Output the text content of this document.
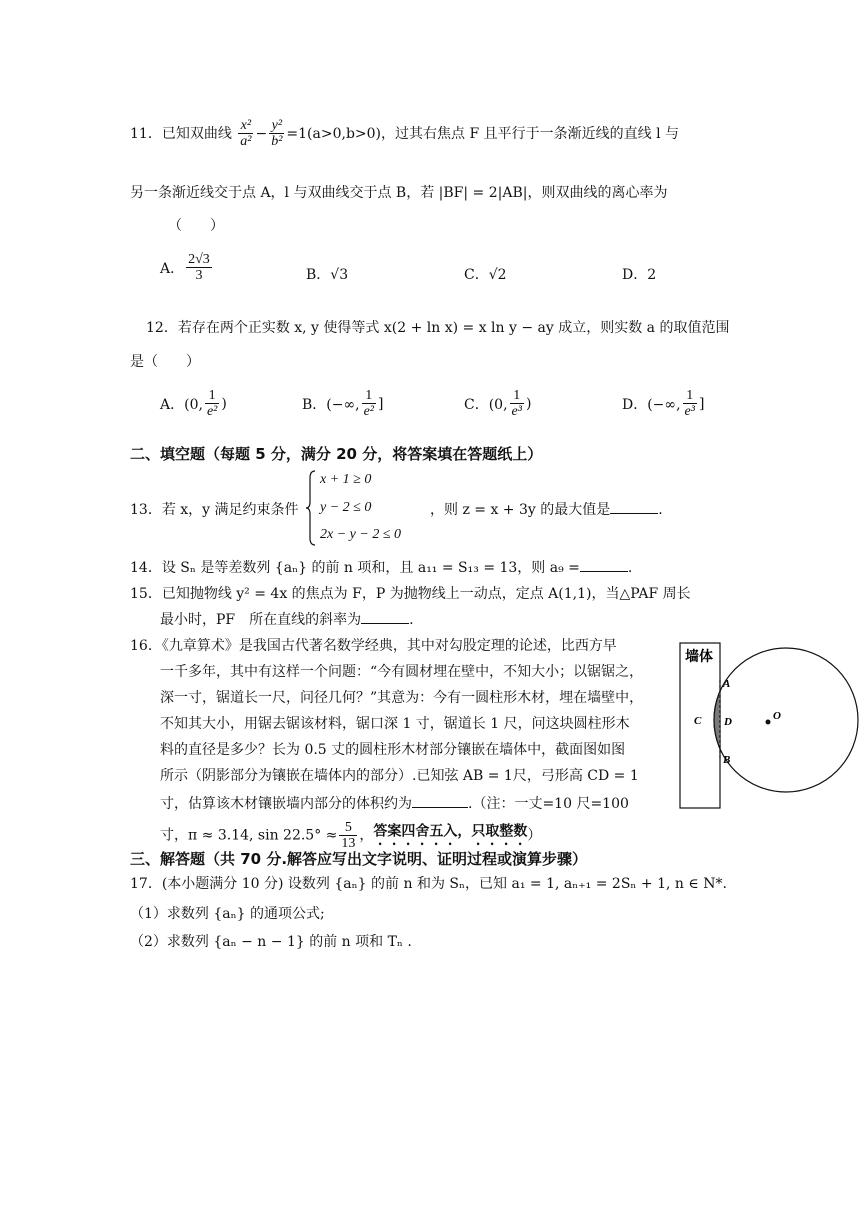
11．已知双曲线 $\frac{\text{x²}}{\text{a²}} - \frac{\text{y²}}{\text{b²}} =1(a>0,b>0)$，过其右焦点 F 且平行于一条渐近线的直线 l 与
另一条渐近线交于点 A，l 与双曲线交于点 B，若 |BF| = 2|AB|，则双曲线的离心率为
（　　）
A． $\frac{2√3}{3}$	B．√3	C．√2	D．2
12．若存在两个正实数 x, y 使得等式 x(2 + ln x) = x ln y − ay 成立，则实数 a 的取值范围
是（　　）
A．(0, $\frac{1}{\text{e²}}$ )	B．(−∞, $\frac{1}{\text{e²}}$ ]	C．(0, $\frac{1}{\text{e³}}$ )	D．(−∞, $\frac{1}{\text{e³}}$ ]
二、填空题（每题 5 分，满分 20 分，将答案填在答题纸上）
13．若 x，y 满足约束条件
x + 1 ≥ 0
y − 2 ≤ 0
2x − y − 2 ≤ 0
，则 z = x + 3y 的最大值是	.
14．设 Sₙ 是等差数列 {aₙ} 的前 n 项和，且 a₁₁ = S₁₃ = 13，则 a₉ =	.
15．已知抛物线 y² = 4x 的焦点为 F，P 为抛物线上一动点，定点 A(1,1)，当△PAF 周长
最小时，PF　所在直线的斜率为	.
16．《九章算术》是我国古代著名数学经典，其中对勾股定理的论述，比西方早
一千多年，其中有这样一个问题：“今有圆材埋在壁中，不知大小；以锯锯之，
深一寸，锯道长一尺，问径几何？”其意为：今有一圆柱形木材，埋在墙壁中，
不知其大小，用锯去锯该材料，锯口深 1 寸，锯道长 1 尺，问这块圆柱形木
料的直径是多少？长为 0.5 丈的圆柱形木材部分镶嵌在墙体中，截面图如图
所示（阴影部分为镶嵌在墙体内的部分）.已知弦 AB = 1尺，弓形高 CD = 1
寸，估算该木材镶嵌墙内部分的体积约为	.（注：一丈=10 尺=100
寸，π ≈ 3.14, $\sin 22.5^\circ \approx \frac{5}{13}$ ，答案四舍五入，只取整数）
墙体
A
B
C D	O
三、解答题（共 70 分.解答应写出文字说明、证明过程或演算步骤）
17．(本小题满分 10 分) 设数列 {aₙ} 的前 n 和为 Sₙ，已知 a₁ = 1, aₙ₊₁ = 2Sₙ + 1, n ∈ N*.
（1）求数列 {aₙ} 的通项公式;
（2）求数列 {aₙ − n − 1} 的前 n 项和 Tₙ .
